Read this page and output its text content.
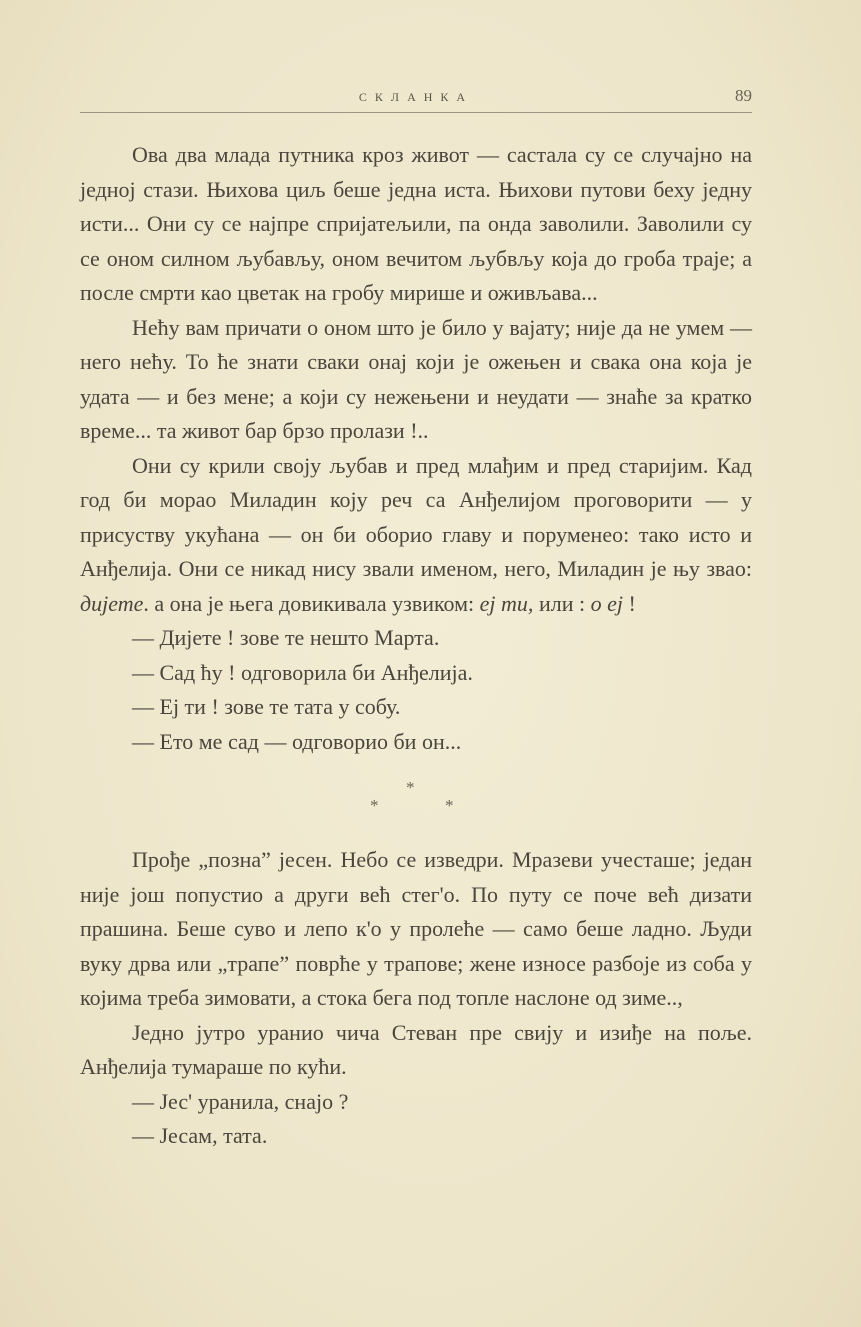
СКЛАНКА	89

Ова два млада путника кроз живот — састала су се случајно на једној стази. Њихова циљ беше једна иста. Њихови путови беху једну исти... Они су се најпре спријатељили, па онда заволили. Заволили су се оном силном љубављу, оном вечитом љубвљу која до гроба траје; а после смрти као цветак на гробу мирише и оживљава...

Нећу вам причати о оном што је било у вајату; није да не умем — него нећу. То ће знати сваки онај који је ожењен и свака она која је удата — и без мене; а који су нежењени и неудати — знаће за кратко време... та живот бар брзо пролази !..

Они су крили своју љубав и пред млађим и пред старијим. Кад год би морао Миладин коју реч са Анђелијом проговорити — у присуству укућана — он би оборио главу и поруменео: тако исто и Анђелија. Они се никад нису звали именом, него, Миладин је њу звао: дијете. а она је њега довикивала узвиком: еј ти, или : о еј !

— Дијете ! зове те нешто Марта.

— Сад ћу ! одговорила би Анђелија.

— Еј ти ! зове те тата у собу.

— Ето ме сад — одговорио би он...

*
*	*

Прође „позна” јесен. Небо се изведри. Мразеви учесташе; један није још попустио а други већ стег'о. По путу се поче већ дизати прашина. Беше суво и лепо к'о у пролеће — само беше ладно. Људи вуку дрва или „трапе” поврће у трапове; жене износе разбоје из соба у којима треба зимовати, а стока бега под топле наслоне од зиме..,

Једно јутро уранио чича Стеван пре свију и изиђе на поље. Анђелија тумараше по кући.

— Јес' уранила, снајо ?

— Јесам, тата.
